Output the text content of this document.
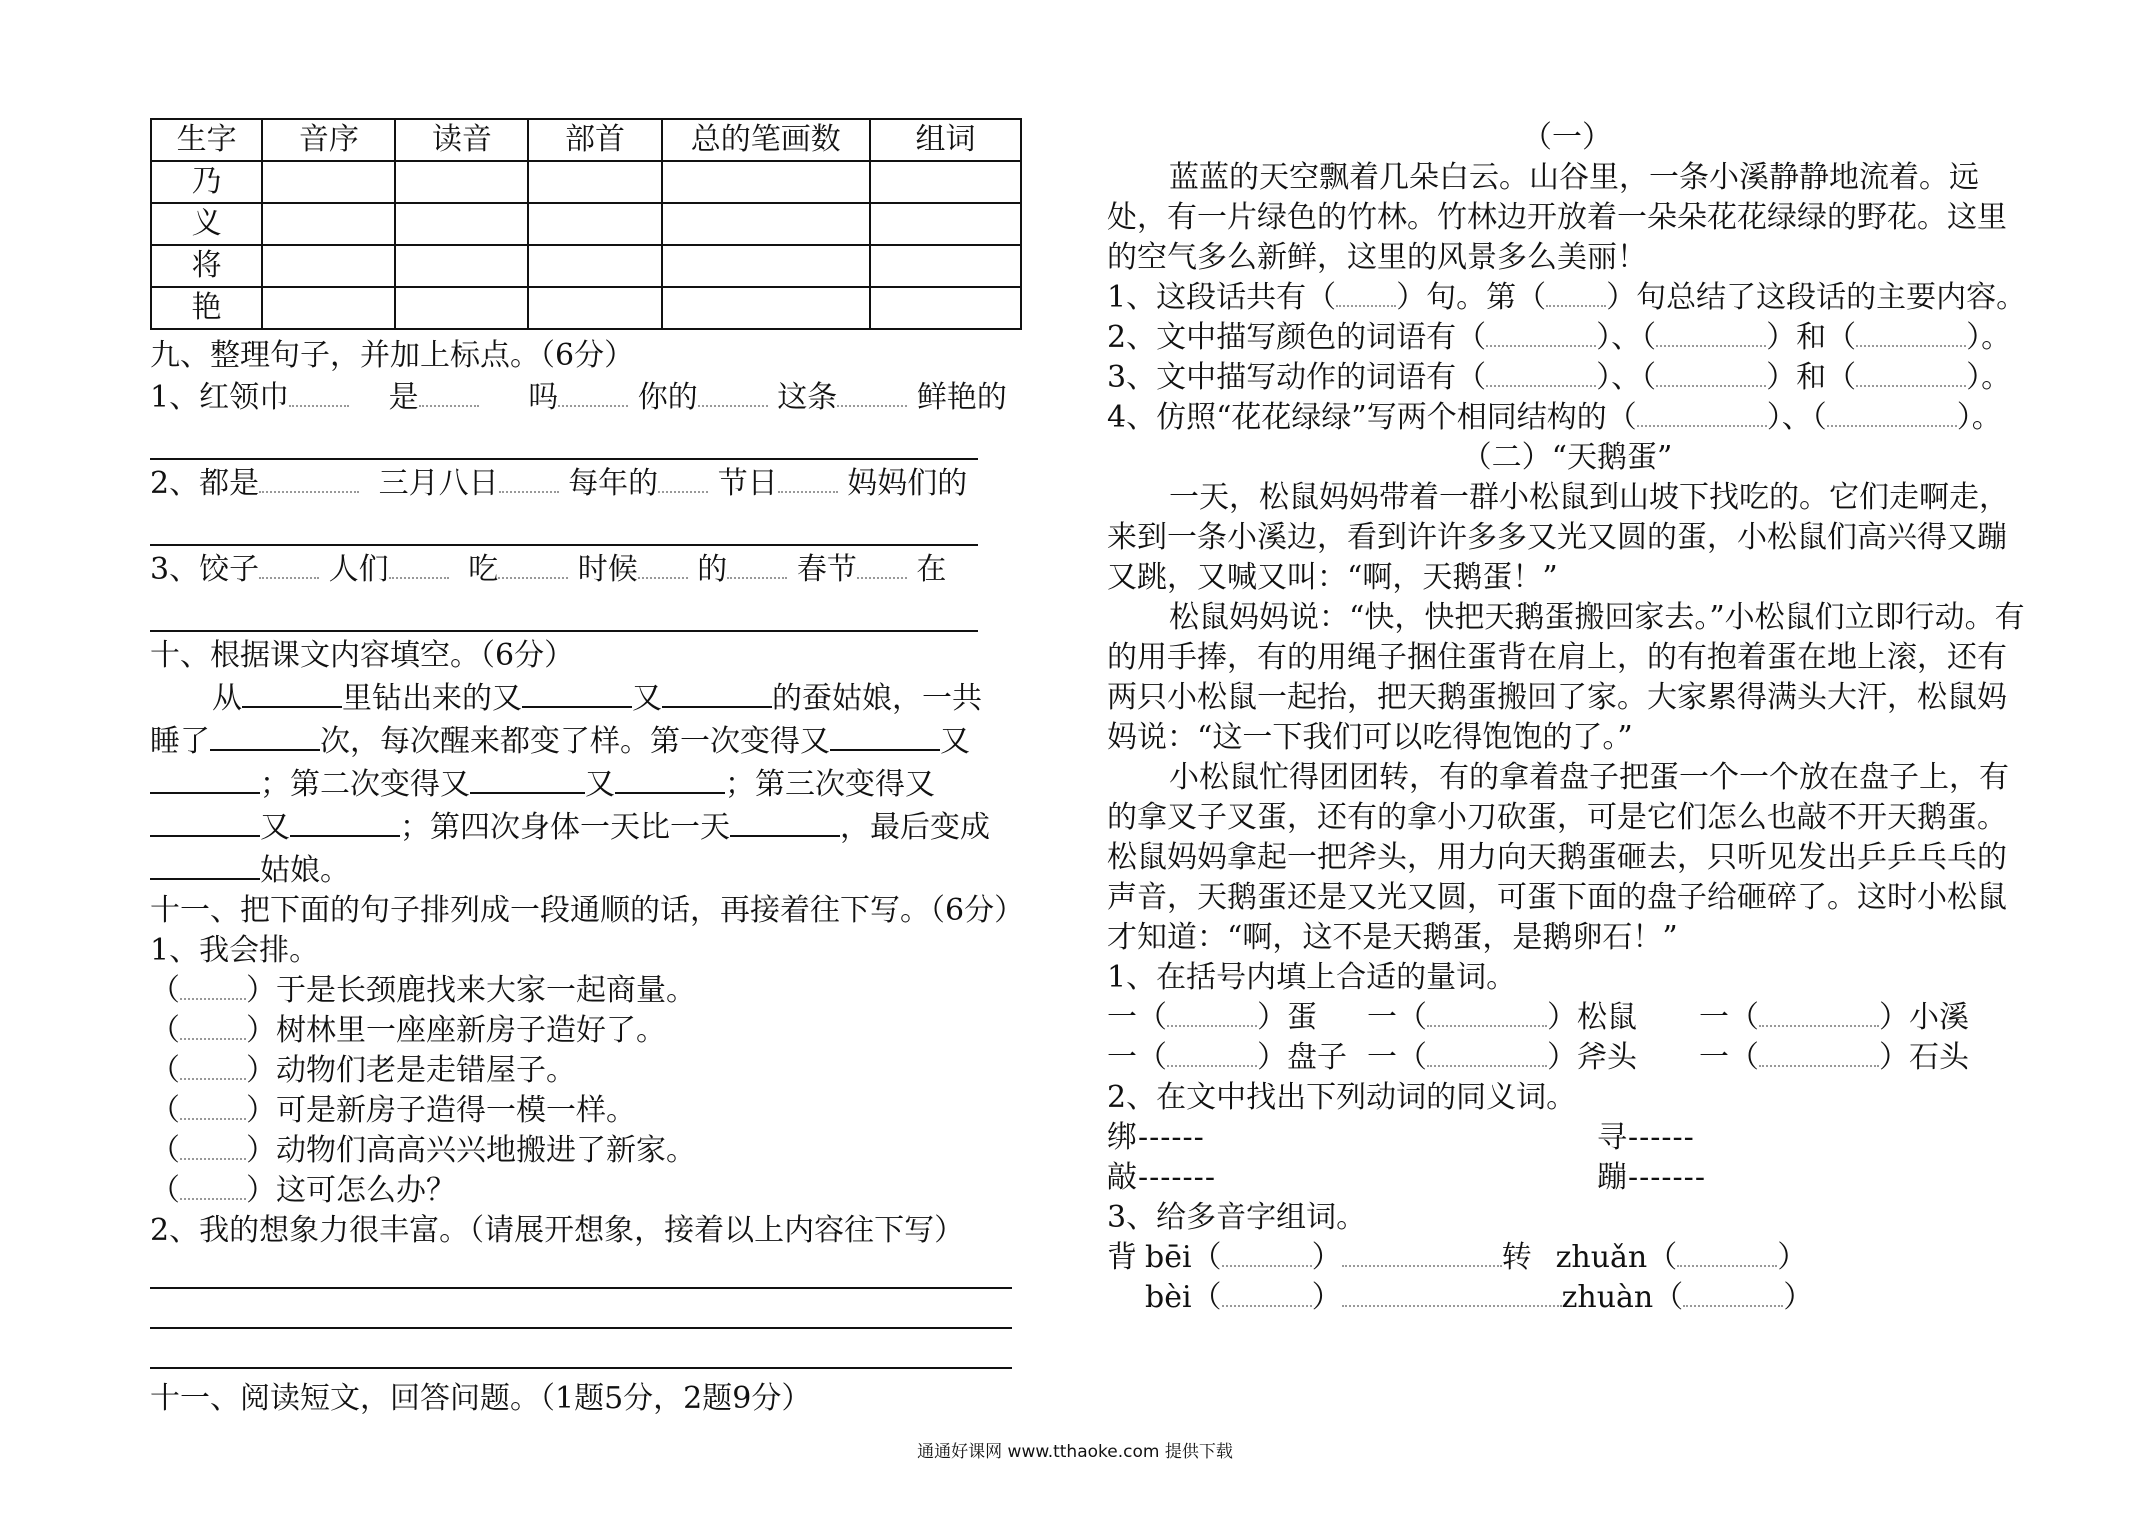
生字	音序	读音	部首	总的笔画数	组词
乃					
义					
将					
艳					
九、整理句子，并加上标点。（6分）
1、红领巾	是	吗	你的	这条	鲜艳的
2、都是	三月八日 每年的 节日 妈妈们的
3、饺子 人们	吃	时候 的 春节 在
十、根据课文内容填空。（6分）
从	里钻出来的又	又	的蚕姑娘，一共
睡了	次，每次醒来都变了样。第一次变得又	又
；第二次变得又	又	；第三次变得又
又	；第四次身体一天比一天	，最后变成
姑娘。
十一、把下面的句子排列成一段通顺的话，再接着往下写。（6分）
1、我会排。
（ ）于是长颈鹿找来大家一起商量。
（ ）树林里一座座新房子造好了。
（ ）动物们老是走错屋子。
（ ）可是新房子造得一模一样。
（ ）动物们高高兴兴地搬进了新家。
（ ）这可怎么办？
2、我的想象力很丰富。（请展开想象，接着以上内容往下写）
十一、阅读短文，回答问题。（1题5分，2题9分）
（一）
蓝蓝的天空飘着几朵白云。山谷里，一条小溪静静地流着。远处，有一片绿色的竹林。竹林边开放着一朵朵花花绿绿的野花。这里的空气多么新鲜，这里的风景多么美丽！
1、这段话共有（ ）句。第（ ）句总结了这段话的主要内容。
2、文中描写颜色的词语有（	）、（	）和（	）。
3、文中描写动作的词语有（	）、（	）和（	）。
4、仿照“花花绿绿”写两个相同结构的（	）、（	）。
（二）“天鹅蛋”
一天，松鼠妈妈带着一群小松鼠到山坡下找吃的。它们走啊走，来到一条小溪边，看到许许多多又光又圆的蛋，小松鼠们高兴得又蹦又跳，又喊又叫：“啊，天鹅蛋！”
松鼠妈妈说：“快，快把天鹅蛋搬回家去。”小松鼠们立即行动。有的用手捧，有的用绳子捆住蛋背在肩上，的有抱着蛋在地上滚，还有两只小松鼠一起抬，把天鹅蛋搬回了家。大家累得满头大汗，松鼠妈妈说：“这一下我们可以吃得饱饱的了。”
小松鼠忙得团团转，有的拿着盘子把蛋一个一个放在盘子上，有的拿叉子叉蛋，还有的拿小刀砍蛋，可是它们怎么也敲不开天鹅蛋。松鼠妈妈拿起一把斧头，用力向天鹅蛋砸去，只听见发出乒乒乓乓的声音，天鹅蛋还是又光又圆，可蛋下面的盘子给砸碎了。这时小松鼠才知道：“啊，这不是天鹅蛋，是鹅卵石！”
1、在括号内填上合适的量词。
一（	）蛋 一（	）松鼠 一（	）小溪
一（	）盘子 一（	）斧头 一（	）石头
2、在文中找出下列动词的同义词。
绑------	寻------
敲-------	蹦-------
3、给多音字组词。
背 bēi（	）	转 zhuǎn（	）
bèi（	）	zhuàn（	）
通通好课网 www.tthaoke.com 提供下载
